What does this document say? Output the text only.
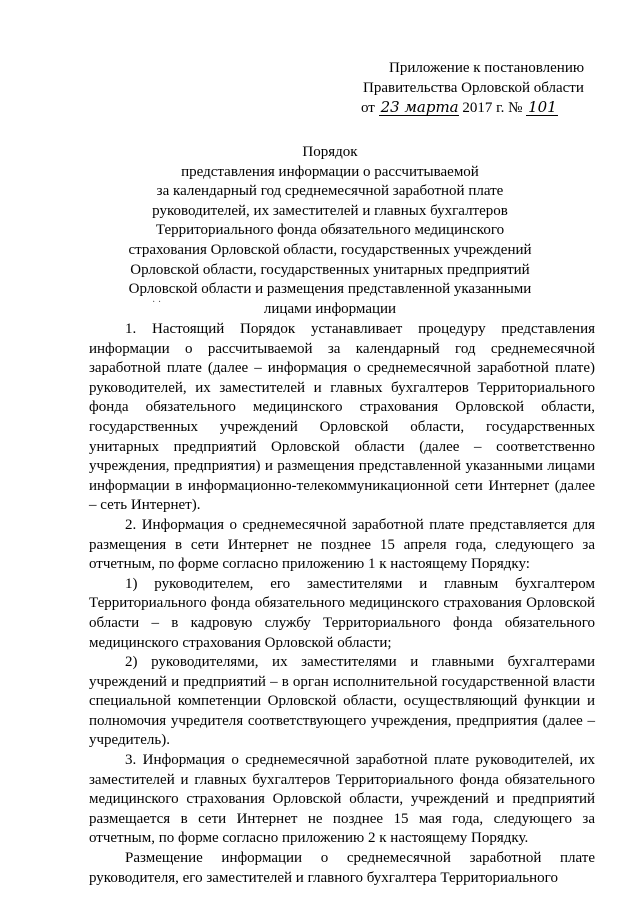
Приложение к постановлению
Правительства Орловской области
от 23 марта 2017 г. № 101
Порядок
представления информации о рассчитываемой
за календарный год среднемесячной заработной плате
руководителей, их заместителей и главных бухгалтеров
Территориального фонда обязательного медицинского
страхования Орловской области, государственных учреждений
Орловской области, государственных унитарных предприятий
Орловской области и размещения представленной указанными
лицами информации
· ·

1. Настоящий Порядок устанавливает процедуру представления информации о рассчитываемой за календарный год среднемесячной заработной плате (далее – информация о среднемесячной заработной плате) руководителей, их заместителей и главных бухгалтеров Территориального фонда обязательного медицинского страхования Орловской области, государственных учреждений Орловской области, государственных унитарных предприятий Орловской области (далее – соответственно учреждения, предприятия) и размещения представленной указанными лицами информации в информационно-телекоммуникационной сети Интернет (далее – сеть Интернет).

2. Информация о среднемесячной заработной плате представляется для размещения в сети Интернет не позднее 15 апреля года, следующего за отчетным, по форме согласно приложению 1 к настоящему Порядку:

1) руководителем, его заместителями и главным бухгалтером Территориального фонда обязательного медицинского страхования Орловской области – в кадровую службу Территориального фонда обязательного медицинского страхования Орловской области;

2) руководителями, их заместителями и главными бухгалтерами учреждений и предприятий – в орган исполнительной государственной власти специальной компетенции Орловской области, осуществляющий функции и полномочия учредителя соответствующего учреждения, предприятия (далее – учредитель).

3. Информация о среднемесячной заработной плате руководителей, их заместителей и главных бухгалтеров Территориального фонда обязательного медицинского страхования Орловской области, учреждений и предприятий размещается в сети Интернет не позднее 15 мая года, следующего за отчетным, по форме согласно приложению 2 к настоящему Порядку.

Размещение информации о среднемесячной заработной плате руководителя, его заместителей и главного бухгалтера Территориального
